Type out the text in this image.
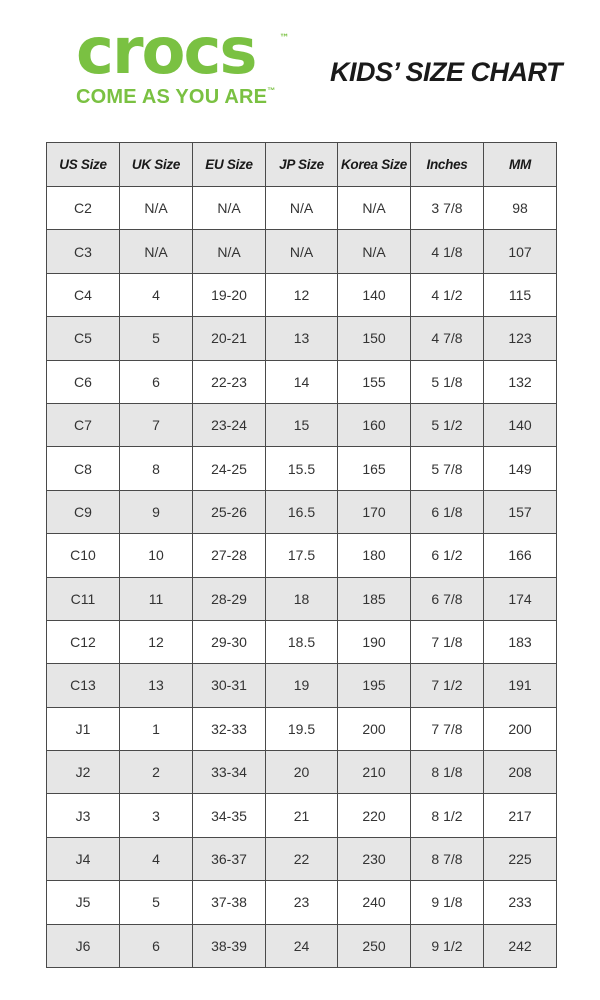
crocs ™
COME AS YOU ARE™
KIDS’ SIZE CHART
US Size	UK Size	EU Size	JP Size	Korea Size	Inches	MM
C2	N/A	N/A	N/A	N/A	3 7/8	98
C3	N/A	N/A	N/A	N/A	4 1/8	107
C4	4	19-20	12	140	4 1/2	115
C5	5	20-21	13	150	4 7/8	123
C6	6	22-23	14	155	5 1/8	132
C7	7	23-24	15	160	5 1/2	140
C8	8	24-25	15.5	165	5 7/8	149
C9	9	25-26	16.5	170	6 1/8	157
C10	10	27-28	17.5	180	6 1/2	166
C11	11	28-29	18	185	6 7/8	174
C12	12	29-30	18.5	190	7 1/8	183
C13	13	30-31	19	195	7 1/2	191
J1	1	32-33	19.5	200	7 7/8	200
J2	2	33-34	20	210	8 1/8	208
J3	3	34-35	21	220	8 1/2	217
J4	4	36-37	22	230	8 7/8	225
J5	5	37-38	23	240	9 1/8	233
J6	6	38-39	24	250	9 1/2	242
